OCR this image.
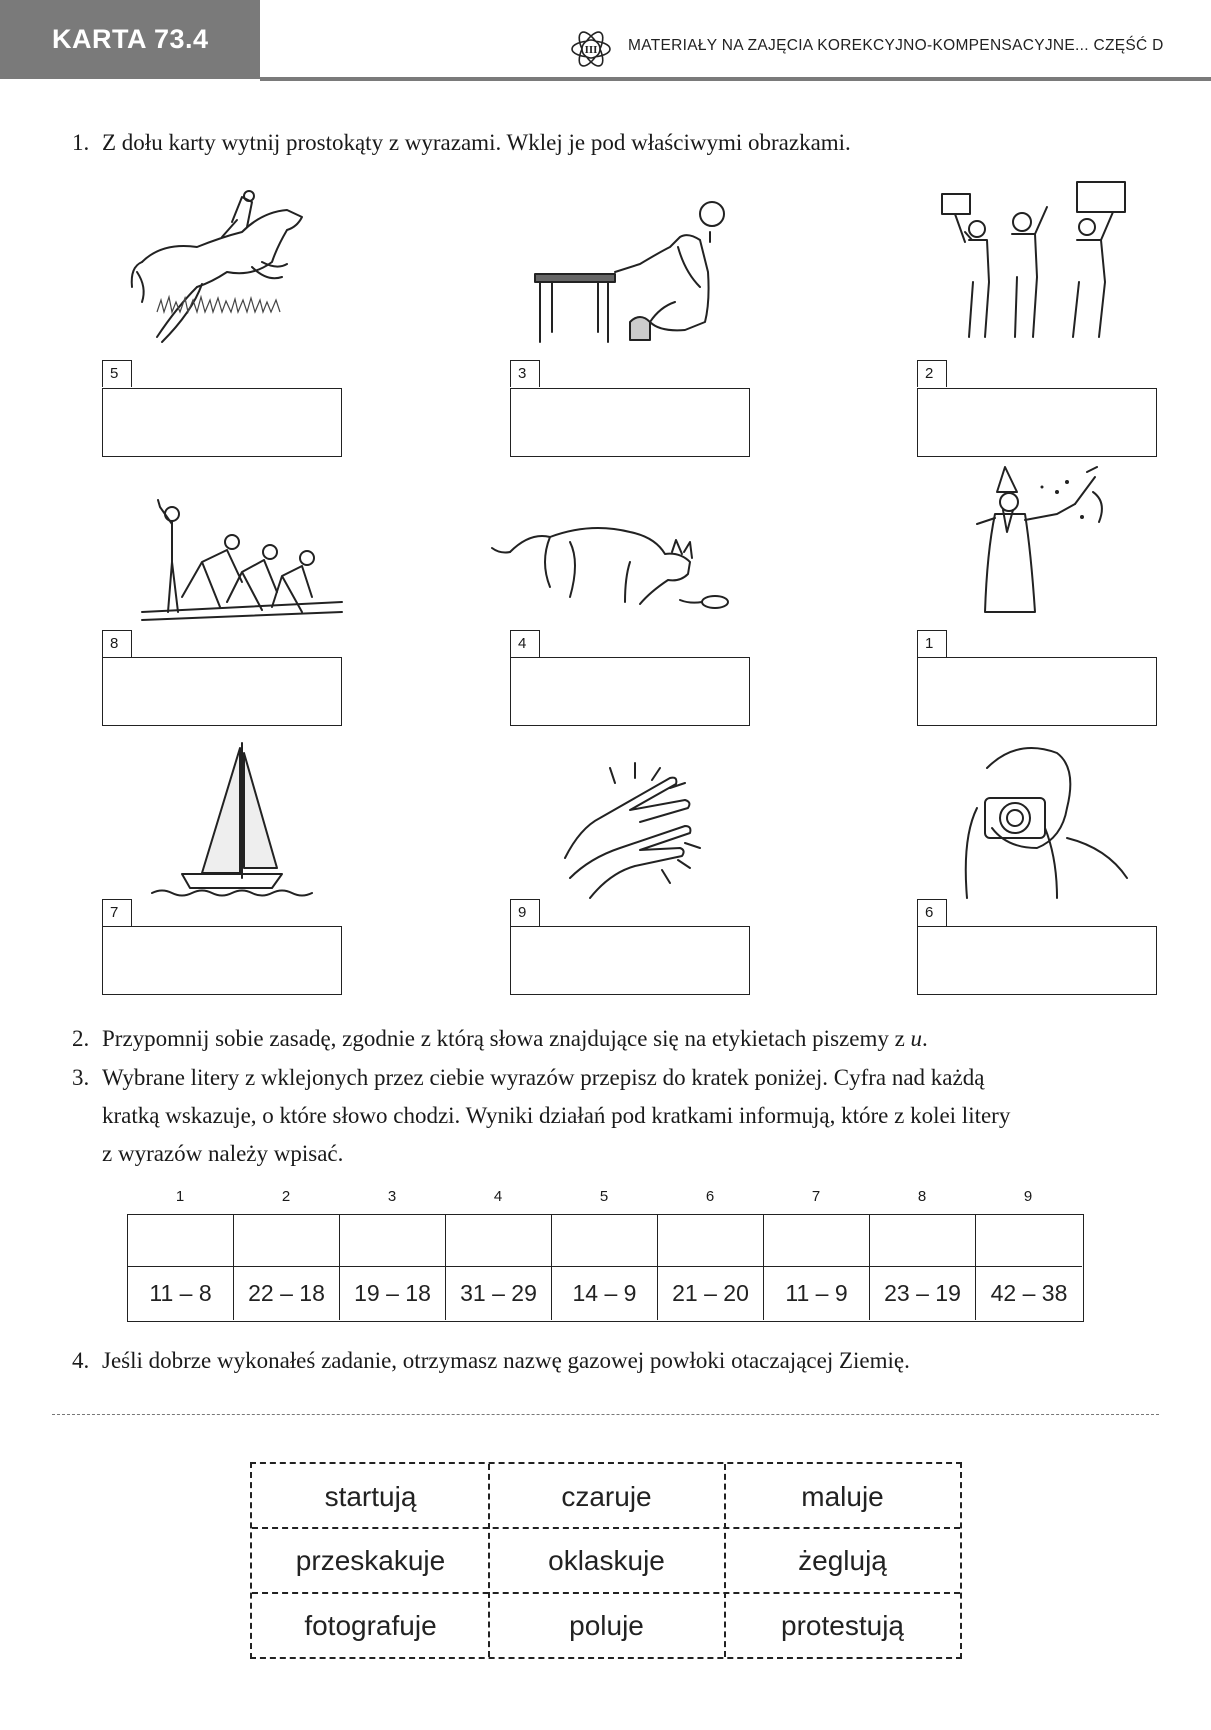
KARTA 73.4	III MATERIAŁY NA ZAJĘCIA KOREKCYJNO-KOMPENSACYJNE... CZĘŚĆ D
1. Z dołu karty wytnij prostokąty z wyrazami. Wklej je pod właściwymi obrazkami.
5	3	2
8	4	1
7	9	6
2. Przypomnij sobie zasadę, zgodnie z którą słowa znajdujące się na etykietach piszemy z u.
3. Wybrane litery z wklejonych przez ciebie wyrazów przepisz do kratek poniżej. Cyfra nad każdą
kratką wskazuje, o które słowo chodzi. Wyniki działań pod kratkami informują, które z kolei litery
z wyrazów należy wpisać.
1	2	3	4	5	6	7	8	9
11 – 8	22 – 18	19 – 18	31 – 29	14 – 9	21 – 20	11 – 9	23 – 19	42 – 38
4. Jeśli dobrze wykonałeś zadanie, otrzymasz nazwę gazowej powłoki otaczającej Ziemię.
startują	czaruje	maluje
przeskakuje	oklaskuje	żeglują
fotografuje	poluje	protestują
